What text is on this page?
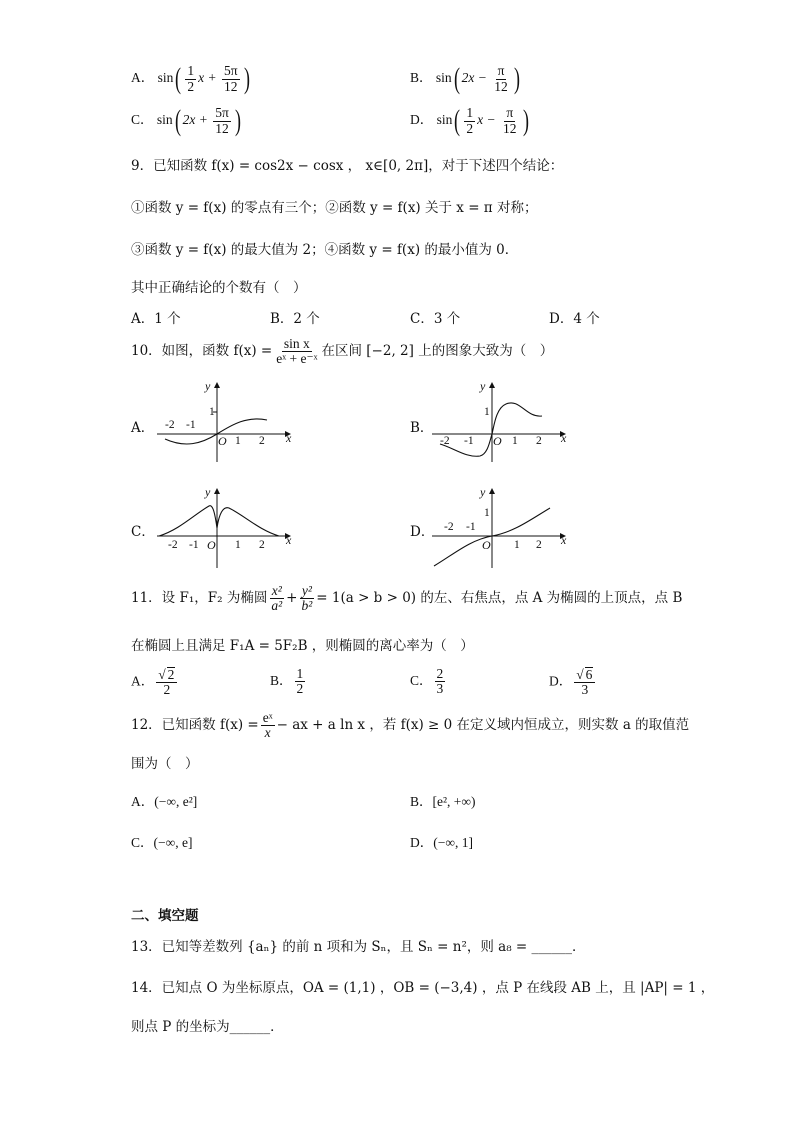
A． $\sin( \frac{1}{2}$ $x + \frac{5\pi}{12}$ )	B． sin( $2x - \frac{\pi}{12}$ )
C． sin( $2x + \frac{5\pi}{12}$ )	D． $\sin( \frac{1}{2}$ $x - \frac{\pi}{12}$ )
9．已知函数 f(x) = cos2x − cosx ， x∈[0, 2π]，对于下述四个结论：
①函数 y = f(x) 的零点有三个；②函数 y = f(x) 关于 x = π 对称；
③函数 y = f(x) 的最大值为 2；④函数 y = f(x) 的最小值为 0．
其中正确结论的个数有（　）
A．1 个	B．2 个	C．3 个	D．4 个
10．如图，函数 $f(x) = \frac{\text{sin x}}{\text{eˣ + e⁻ˣ}}$ 在区间 [−2, 2] 上的图象大致为（　）
A．	B．
C．	D．
x
y
O
1
-2 -1
1 2	x
y
O
1
-2 -1	1 2
x
y
O
-2 -1	1 2	x
y
O
1
-2 -1
1 2
11．设 F₁，F₂ 为椭圆 $\frac{\text{x²}}{\text{a²}} + \frac{\text{y²}}{\text{b²}} = 1(a > b > 0)$ 的左、右焦点，点 A 为椭圆的上顶点，点 B
在椭圆上且满足 F₁A = 5F₂B ，则椭圆的离心率为（　）
A． $\frac{√ 2}{2}$	B． $\frac{1}{2}$	C． $\frac{2}{3}$	D． $\frac{√ 6}{3}$
12．已知函数 $f(x) = \frac{\text{eˣ}}{x}$ − ax + a ln x ，若 f(x) ≥ 0 在定义域内恒成立，则实数 a 的取值范
围为（　）
A．(−∞, e²]	B．[e², +∞)
C．(−∞, e]	D．(−∞, 1]
二、填空题
13．已知等差数列 {aₙ} 的前 n 项和为 Sₙ，且 Sₙ = n²，则 a₈ = ______．
14．已知点 O 为坐标原点，OA = (1,1) ，OB = (−3,4) ，点 P 在线段 AB 上，且 |AP| = 1 ，
则点 P 的坐标为______．
